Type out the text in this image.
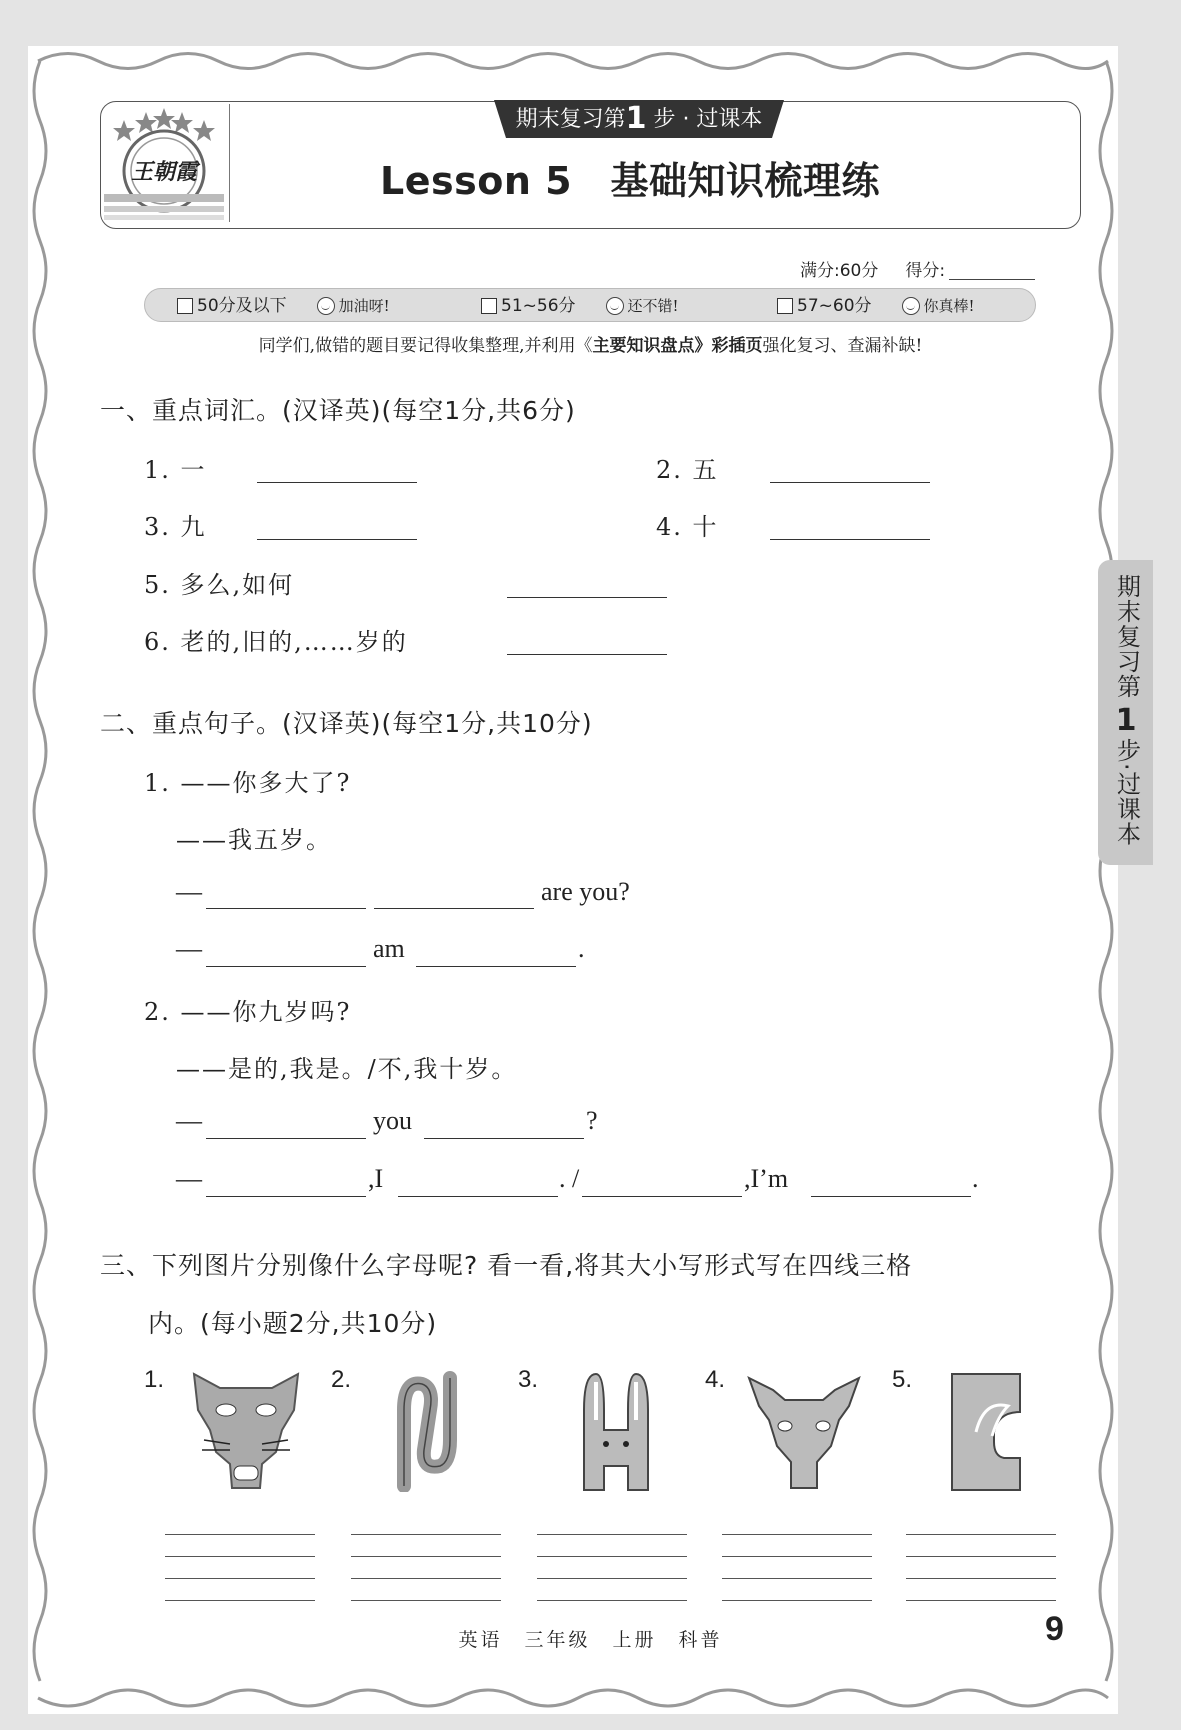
王朝霞
期末复习第1 步 · 过课本
Lesson 5　基础知识梳理练
满分:60分 得分:
50分及以下	加油呀!	51~56分	还不错!	57~60分	你真棒!
同学们,做错的题目要记得收集整理,并利用《主要知识盘点》彩插页强化复习、查漏补缺!
一、重点词汇。(汉译英)(每空1分,共6分)
1. 一	2. 五
3. 九	4. 十
5. 多么,如何
6. 老的,旧的,……岁的
二、重点句子。(汉译英)(每空1分,共10分)
1. ——你多大了?
——我五岁。
—	are you?
—	am	.
2. ——你九岁吗?
——是的,我是。/不,我十岁。
—	you	?
—	,I	. /	,I’m	.
三、下列图片分别像什么字母呢? 看一看,将其大小写形式写在四线三格
内。(每小题2分,共10分)
1.	2.	3.	4.	5.
期末复习第
1
步·过课本
英语　三年级　上册　科普	9
